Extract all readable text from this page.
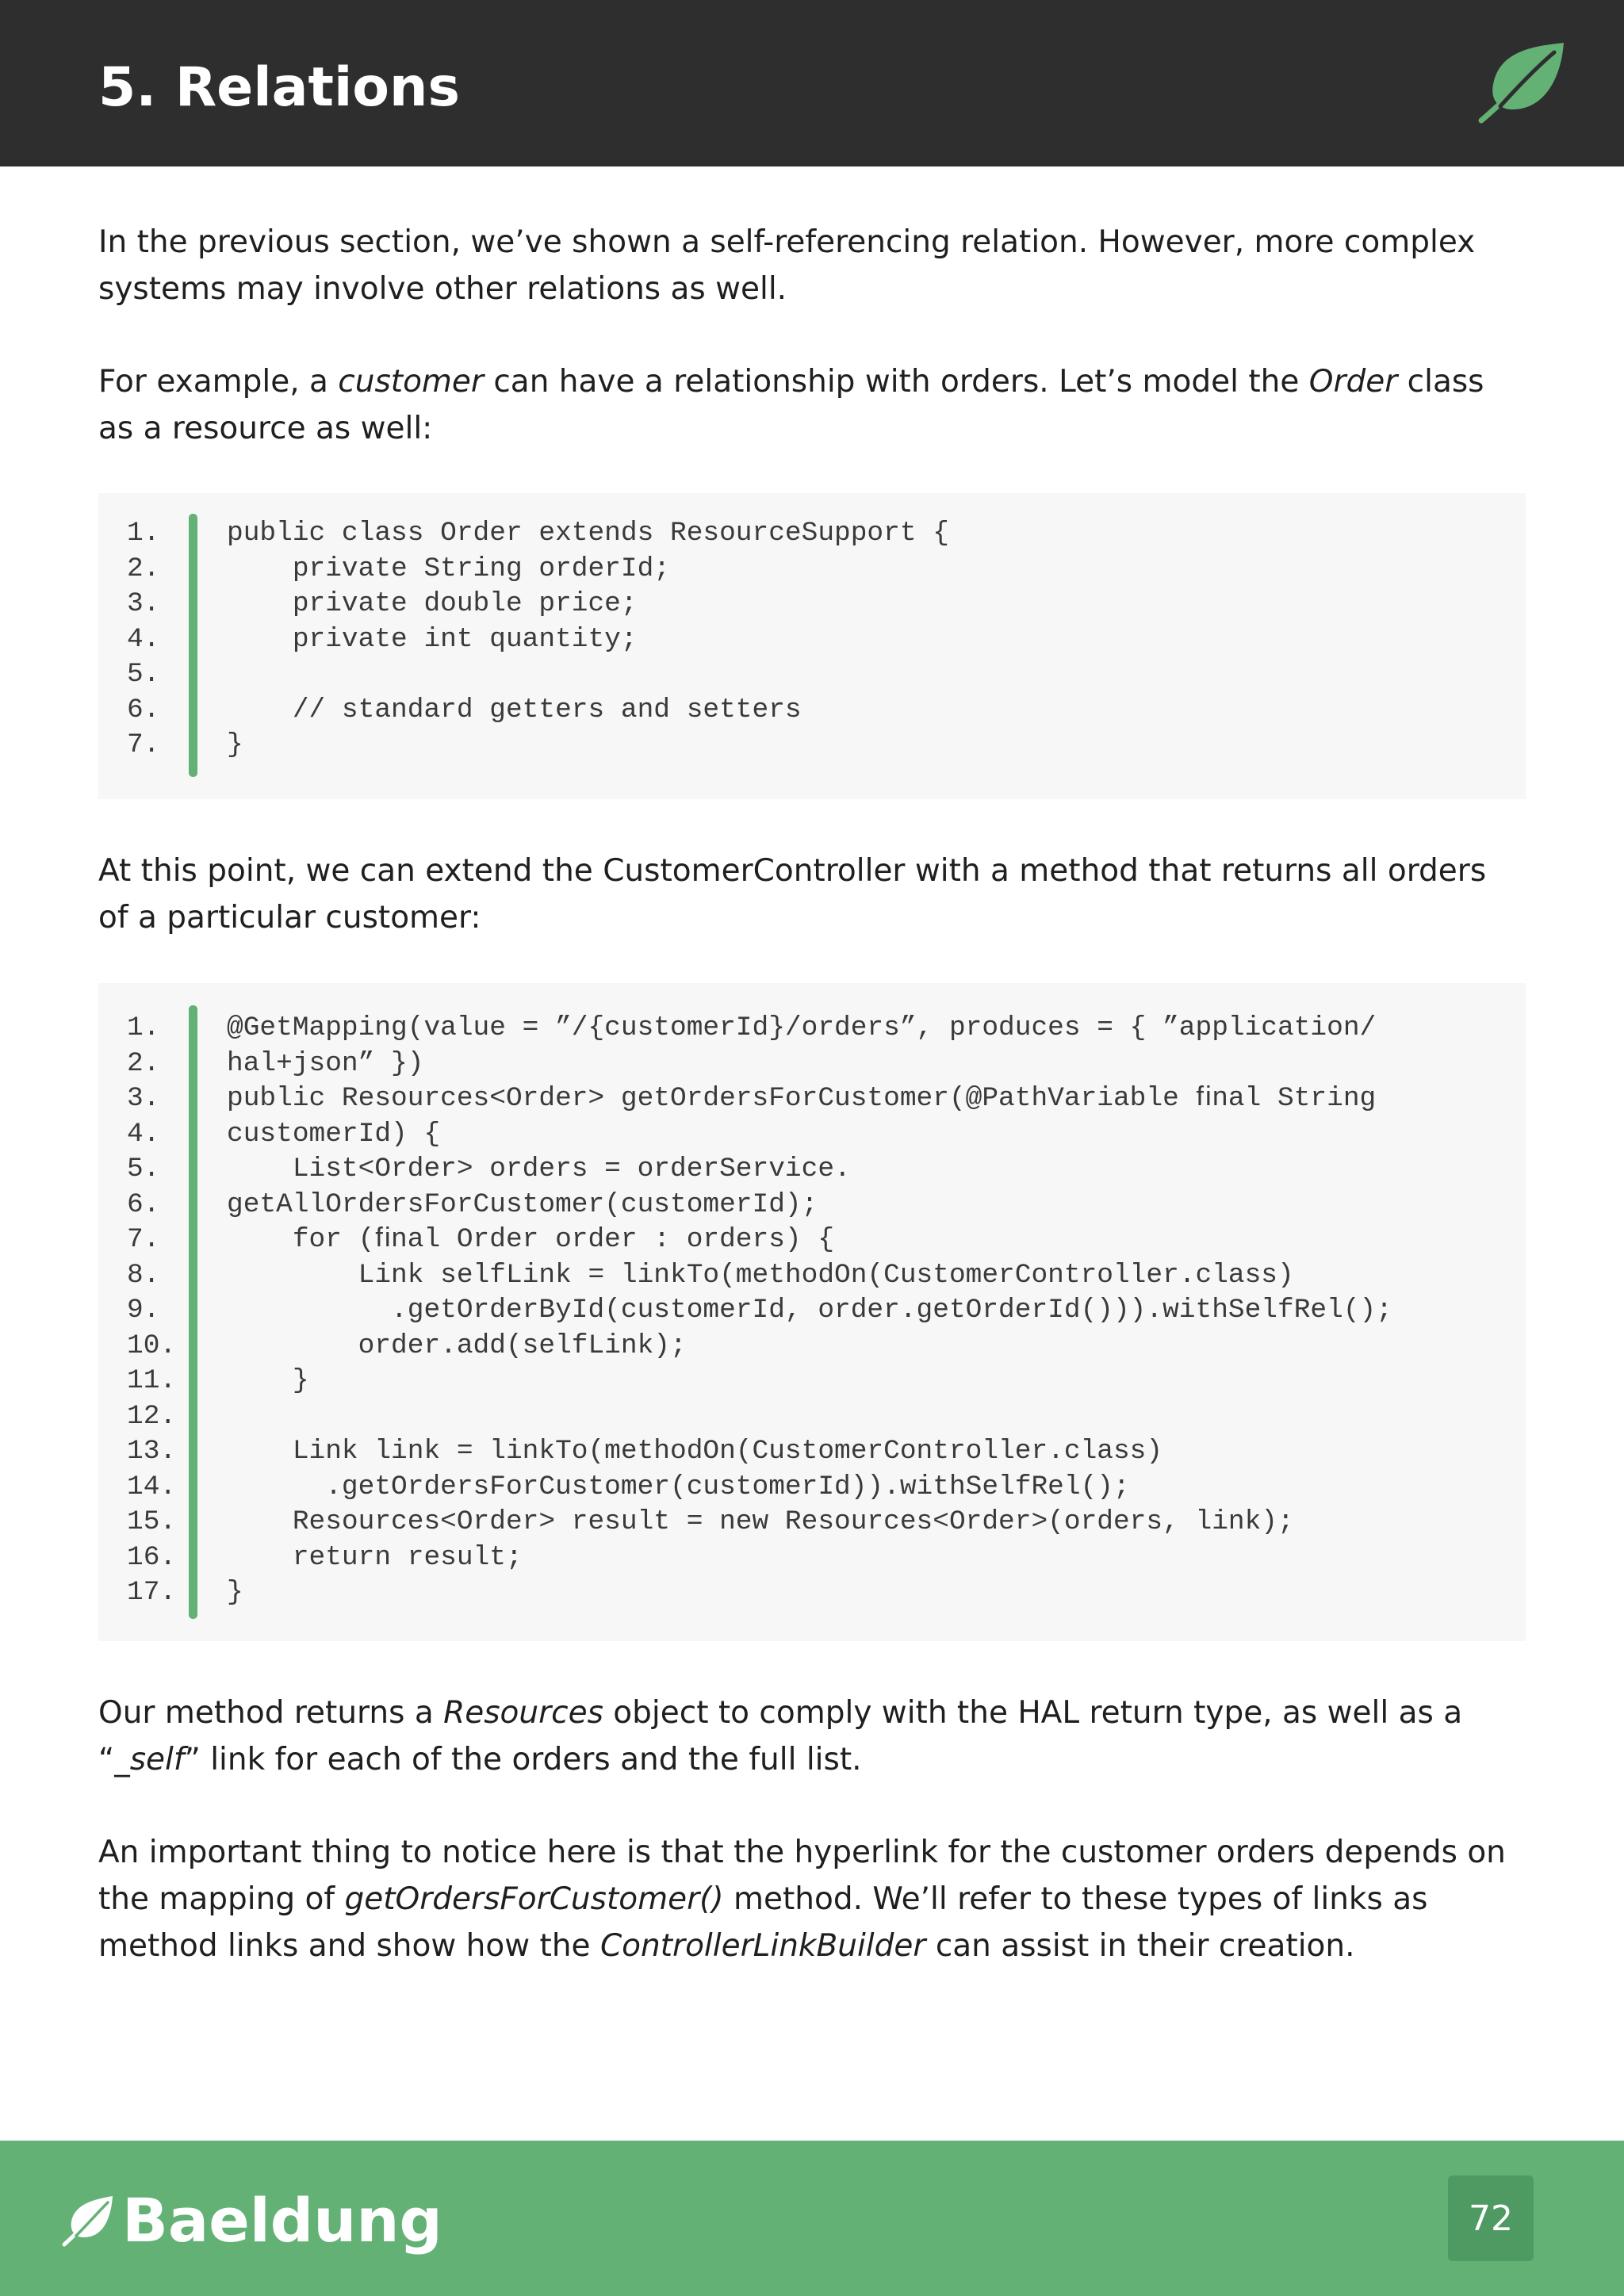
5. Relations

In the previous section, we’ve shown a self-referencing relation. However, more complex systems may involve other relations as well.

For example, a customer can have a relationship with orders. Let’s model the Order class as a resource as well:

1. public class Order extends ResourceSupport {
2. private String orderId;
3. private double price;
4. private int quantity;
5.
6. // standard getters and setters
7. }

At this point, we can extend the CustomerController with a method that returns all orders of a particular customer:

1. @GetMapping(value = ”/{customerId}/orders”, produces = { ”application/
2. hal+json” })
3. public Resources<Order> getOrdersForCustomer(@PathVariable ﬁnal String
4. customerId) {
5. List<Order> orders = orderService.
6. getAllOrdersForCustomer(customerId);
7. for (ﬁnal Order order : orders) {
8. Link selfLink = linkTo(methodOn(CustomerController.class)
9. .getOrderById(customerId, order.getOrderId())).withSelfRel();
10. order.add(selfLink);
11. }
12.
13. Link link = linkTo(methodOn(CustomerController.class)
14. .getOrdersForCustomer(customerId)).withSelfRel();
15. Resources<Order> result = new Resources<Order>(orders, link);
16. return result;
17. }

Our method returns a Resources object to comply with the HAL return type, as well as a “_self” link for each of the orders and the full list.

An important thing to notice here is that the hyperlink for the customer orders depends on the mapping of getOrdersForCustomer() method. We’ll refer to these types of links as method links and show how the ControllerLinkBuilder can assist in their creation.

Baeldung	72
